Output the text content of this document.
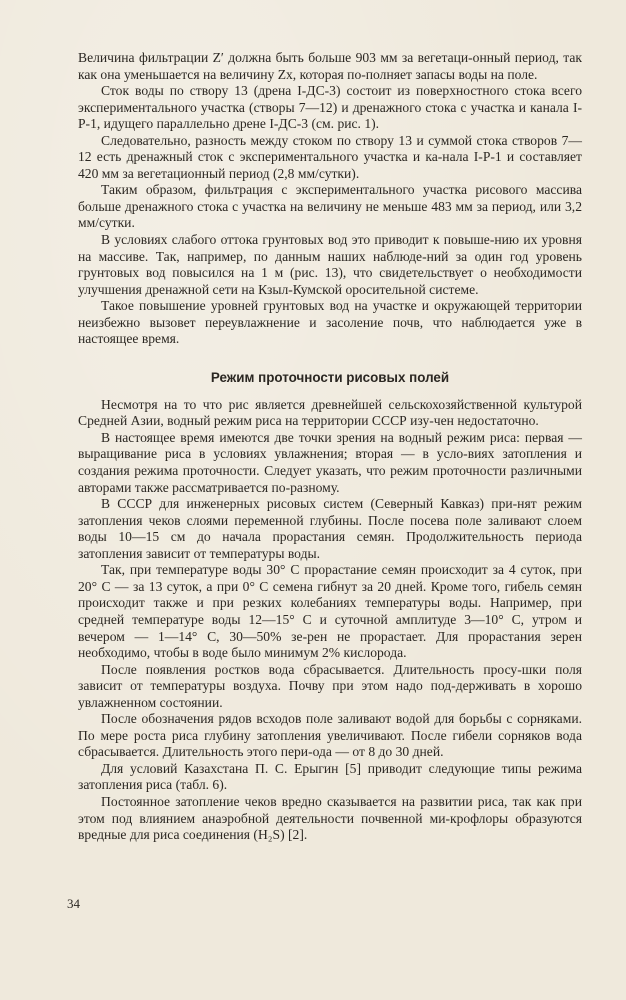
Величина фильтрации Z′ должна быть больше 903 мм за вегетаци-онный период, так как она уменьшается на величину Zx, которая по-полняет запасы воды на поле.

Сток воды по створу 13 (дрена I-ДС-3) состоит из поверхностного стока всего экспериментального участка (створы 7—12) и дренажного стока с участка и канала I-Р-1, идущего параллельно дрене I-ДС-3 (см. рис. 1).

Следовательно, разность между стоком по створу 13 и суммой стока створов 7—12 есть дренажный сток с экспериментального участка и ка-нала I-Р-1 и составляет 420 мм за вегетационный период (2,8 мм/сутки).

Таким образом, фильтрация с экспериментального участка рисового массива больше дренажного стока с участка на величину не меньше 483 мм за период, или 3,2 мм/сутки.

В условиях слабого оттока грунтовых вод это приводит к повыше-нию их уровня на массиве. Так, например, по данным наших наблюде-ний за один год уровень грунтовых вод повысился на 1 м (рис. 13), что свидетельствует о необходимости улучшения дренажной сети на Кзыл-Кумской оросительной системе.

Такое повышение уровней грунтовых вод на участке и окружающей территории неизбежно вызовет переувлажнение и засоление почв, что наблюдается уже в настоящее время.

Режим проточности рисовых полей

Несмотря на то что рис является древнейшей сельскохозяйственной культурой Средней Азии, водный режим риса на территории СССР изу-чен недостаточно.

В настоящее время имеются две точки зрения на водный режим риса: первая — выращивание риса в условиях увлажнения; вторая — в усло-виях затопления и создания режима проточности. Следует указать, что режим проточности различными авторами также рассматривается по-разному.

В СССР для инженерных рисовых систем (Северный Кавказ) при-нят режим затопления чеков слоями переменной глубины. После посева поле заливают слоем воды 10—15 см до начала прорастания семян. Продолжительность периода затопления зависит от температуры воды.

Так, при температуре воды 30° С прорастание семян происходит за 4 суток, при 20° С — за 13 суток, а при 0° С семена гибнут за 20 дней. Кроме того, гибель семян происходит также и при резких колебаниях температуры воды. Например, при средней температуре воды 12—15° С и суточной амплитуде 3—10° С, утром и вечером — 1—14° С, 30—50% зе-рен не прорастает. Для прорастания зерен необходимо, чтобы в воде было минимум 2% кислорода.

После появления ростков вода сбрасывается. Длительность просу-шки поля зависит от температуры воздуха. Почву при этом надо под-держивать в хорошо увлажненном состоянии.

После обозначения рядов всходов поле заливают водой для борьбы с сорняками. По мере роста риса глубину затопления увеличивают. После гибели сорняков вода сбрасывается. Длительность этого пери-ода — от 8 до 30 дней.

Для условий Казахстана П. С. Ерыгин [5] приводит следующие типы режима затопления риса (табл. 6).

Постоянное затопление чеков вредно сказывается на развитии риса, так как при этом под влиянием анаэробной деятельности почвенной ми-крофлоры образуются вредные для риса соединения (H₂S) [2].

34
